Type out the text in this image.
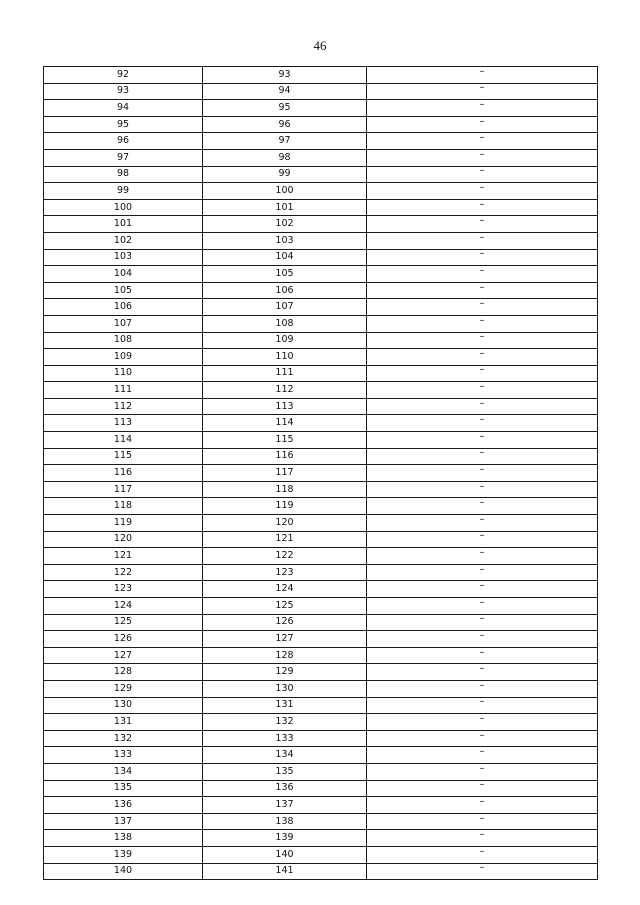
46
92	93	–
93	94	–
94	95	–
95	96	–
96	97	–
97	98	–
98	99	–
99	100	–
100	101	–
101	102	–
102	103	–
103	104	–
104	105	–
105	106	–
106	107	–
107	108	–
108	109	–
109	110	–
110	111	–
111	112	–
112	113	–
113	114	–
114	115	–
115	116	–
116	117	–
117	118	–
118	119	–
119	120	–
120	121	–
121	122	–
122	123	–
123	124	–
124	125	–
125	126	–
126	127	–
127	128	–
128	129	–
129	130	–
130	131	–
131	132	–
132	133	–
133	134	–
134	135	–
135	136	–
136	137	–
137	138	–
138	139	–
139	140	–
140	141	–
